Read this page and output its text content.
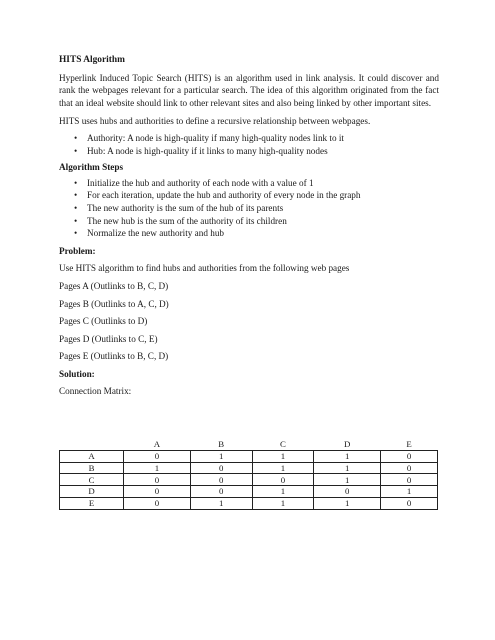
HITS Algorithm

Hyperlink Induced Topic Search (HITS) is an algorithm used in link analysis. It could discover and rank the webpages relevant for a particular search. The idea of this algorithm originated from the fact that an ideal website should link to other relevant sites and also being linked by other important sites.

HITS uses hubs and authorities to define a recursive relationship between webpages.

• Authority: A node is high-quality if many high-quality nodes link to it
• Hub: A node is high-quality if it links to many high-quality nodes
Algorithm Steps
• Initialize the hub and authority of each node with a value of 1
• For each iteration, update the hub and authority of every node in the graph
• The new authority is the sum of the hub of its parents
• The new hub is the sum of the authority of its children
• Normalize the new authority and hub
Problem:

Use HITS algorithm to find hubs and authorities from the following web pages

Pages A (Outlinks to B, C, D)

Pages B (Outlinks to A, C, D)

Pages C (Outlinks to D)

Pages D (Outlinks to C, E)

Pages E (Outlinks to B, C, D)

Solution:

Connection Matrix:

	A	B	C	D	E
A	0	1	1	1	0
B	1	0	1	1	0
C	0	0	0	1	0
D	0	0	1	0	1
E	0	1	1	1	0
